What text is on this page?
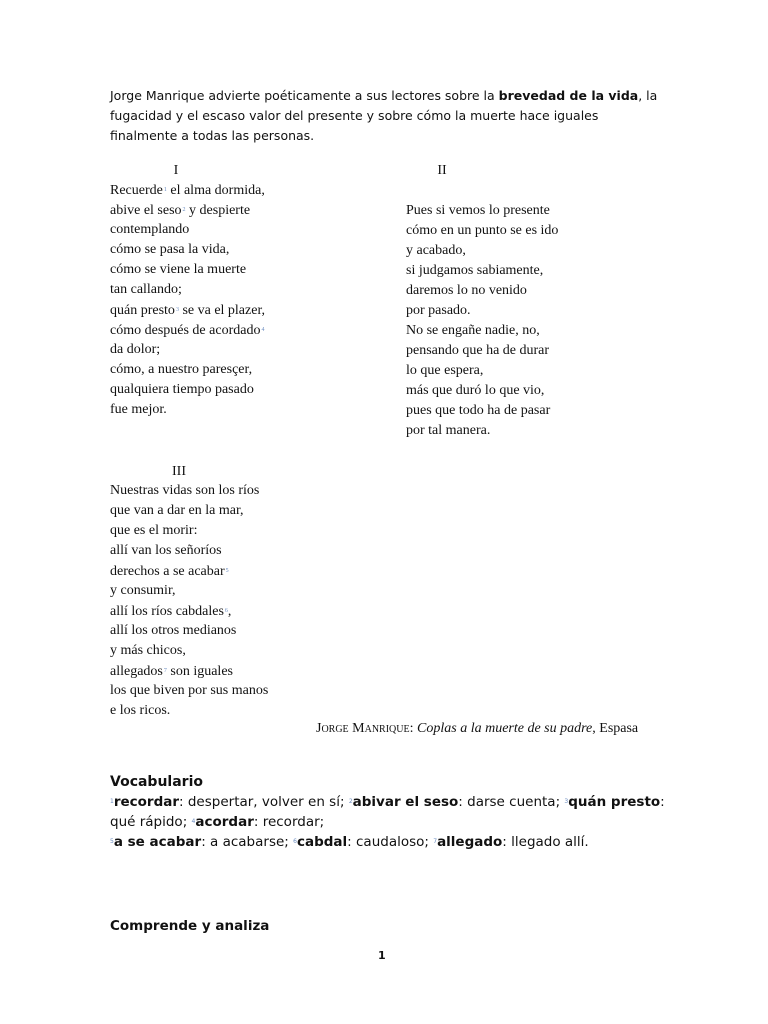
Jorge Manrique advierte poéticamente a sus lectores sobre la brevedad de la vida, la fugacidad y el escaso valor del presente y sobre cómo la muerte hace iguales finalmente a todas las personas.

I
Recuerde$^1$ el alma dormida,
abive el seso$^2$ y despierte
contemplando
cómo se pasa la vida,
cómo se viene la muerte
tan callando;
quán presto$^3$ se va el plazer,
cómo después de acordado$^4$
da dolor;
cómo, a nuestro paresçer,
qualquiera tiempo pasado
fue mejor.
II
Pues si vemos lo presente
cómo en un punto se es ido
y acabado,
si judgamos sabiamente,
daremos lo no venido
por pasado.
No se engañe nadie, no,
pensando que ha de durar
lo que espera,
más que duró lo que vio,
pues que todo ha de pasar
por tal manera.
III
Nuestras vidas son los ríos
que van a dar en la mar,
que es el morir:
allí van los señoríos
derechos a se acabar$^5$
y consumir,
allí los ríos cabdales$^6$,
allí los otros medianos
y más chicos,
allegados$^7$ son iguales
los que biven por sus manos
e los ricos.
Jorge Manrique: Coplas a la muerte de su padre, Espasa
Vocabulario
$^1$recordar: despertar, volver en sí; $^2$abivar el seso: darse cuenta; $^3$quán presto: qué rápido; $^4$acordar: recordar;
$^5$a se acabar: a acabarse; $^6$cabdal: caudaloso; $^7$allegado: llegado allí.
Comprende y analiza
1
